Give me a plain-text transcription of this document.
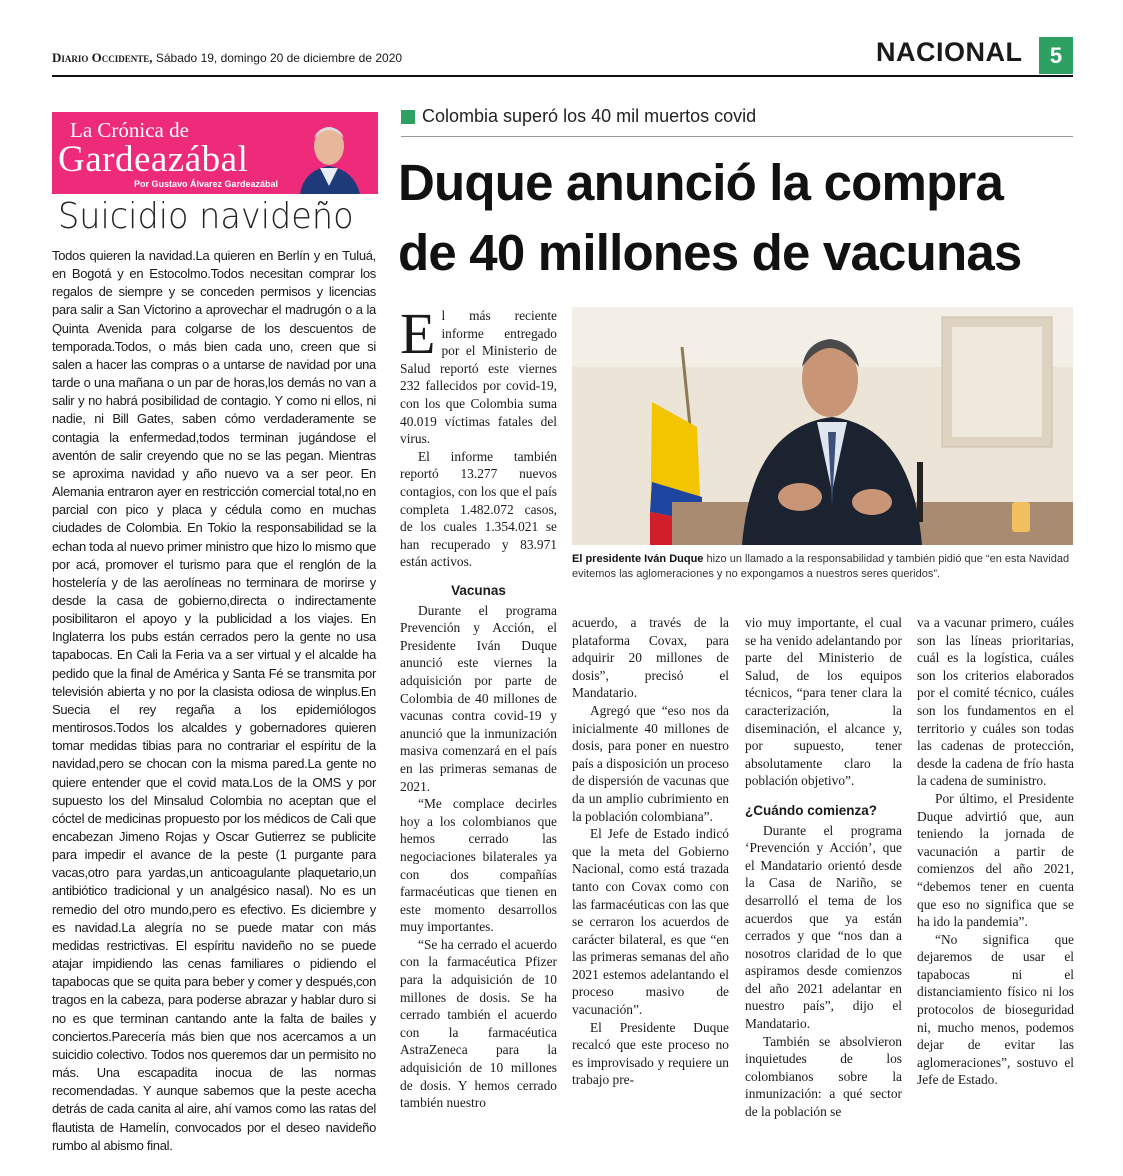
Diario Occidente, Sábado 19, domingo 20 de diciembre de 2020	NACIONAL	5
La Crónica de
Gardeazábal
Por Gustavo Álvarez Gardeazábal
Suicidio navideño
Todos quieren la navidad.La quieren en Berlín y en Tuluá, en Bogotá y en Estocolmo.Todos necesitan comprar los regalos de siempre y se conceden permisos y licencias para salir a San Victorino a aprovechar el madrugón o a la Quinta Avenida para colgarse de los descuentos de temporada.Todos, o más bien cada uno, creen que si salen a hacer las compras o a untarse de navidad por una tarde o una mañana o un par de horas,los demás no van a salir y no habrá posibilidad de contagio. Y como ni ellos, ni nadie, ni Bill Gates, saben cómo verdaderamente se contagia la enfermedad,todos terminan jugándose el aventón de salir creyendo que no se las pegan. Mientras se aproxima navidad y año nuevo va a ser peor. En Alemania entraron ayer en restricción comercial total,no en parcial con pico y placa y cédula como en muchas ciudades de Colombia. En Tokio la responsabilidad se la echan toda al nuevo primer ministro que hizo lo mismo que por acá, promover el turismo para que el renglón de la hostelería y de las aerolíneas no terminara de morirse y desde la casa de gobierno,directa o indirectamente posibilitaron el apoyo y la publicidad a los viajes. En Inglaterra los pubs están cerrados pero la gente no usa tapabocas. En Cali la Feria va a ser virtual y el alcalde ha pedido que la final de América y Santa Fé se transmita por televisión abierta y no por la clasista odiosa de winplus.En Suecia el rey regaña a los epidemiólogos mentirosos.Todos los alcaldes y gobernadores quieren tomar medidas tibias para no contrariar el espíritu de la navidad,pero se chocan con la misma pared.La gente no quiere entender que el covid mata.Los de la OMS y por supuesto los del Minsalud Colombia no aceptan que el cóctel de medicinas propuesto por los médicos de Cali que encabezan Jimeno Rojas y Oscar Gutierrez se publicite para impedir el avance de la peste (1 purgante para vacas,otro para yardas,un anticoagulante plaquetario,un antibiótico tradicional y un analgésico nasal). No es un remedio del otro mundo,pero es efectivo. Es diciembre y es navidad.La alegría no se puede matar con más medidas restrictivas. El espíritu navideño no se puede atajar impidiendo las cenas familiares o pidiendo el tapabocas que se quita para beber y comer y después,con tragos en la cabeza, para poderse abrazar y hablar duro si no es que terminan cantando ante la falta de bailes y conciertos.Parecería más bien que nos acercamos a un suicidio colectivo. Todos nos queremos dar un permisito no más. Una escapadita inocua de las normas recomendadas. Y aunque sabemos que la peste acecha detrás de cada canita al aire, ahí vamos como las ratas del flautista de Hamelín, convocados por el deseo navideño rumbo al abismo final.
Colombia superó los 40 mil muertos covid
Duque anunció la compra
de 40 millones de vacunas
E l más reciente informe entregado por el Ministerio de Salud reportó este viernes 232 fallecidos por covid-19, con los que Colombia suma 40.019 víctimas fatales del virus.

El informe también reportó 13.277 nuevos contagios, con los que el país completa 1.482.072 casos, de los cuales 1.354.021 se han recuperado y 83.971 están activos.

Vacunas

Durante el programa Prevención y Acción, el Presidente Iván Duque anunció este viernes la adquisición por parte de Colombia de 40 millones de vacunas contra covid-19 y anunció que la inmunización masiva comenzará en el país en las primeras semanas de 2021.

“Me complace decirles hoy a los colombianos que hemos cerrado las negociaciones bilaterales ya con dos compañías farmacéuticas que tienen en este momento desarrollos muy importantes.

“Se ha cerrado el acuerdo con la farmacéutica Pfizer para la adquisición de 10 millones de dosis. Se ha cerrado también el acuerdo con la farmacéutica AstraZeneca para la adquisición de 10 millones de dosis. Y hemos cerrado también nuestro

acuerdo, a través de la plataforma Covax, para adquirir 20 millones de dosis”, precisó el Mandatario.

Agregó que “eso nos da inicialmente 40 millones de dosis, para poner en nuestro país a disposición un proceso de dispersión de vacunas que da un amplio cubrimiento en la población colombiana”.

El Jefe de Estado indicó que la meta del Gobierno Nacional, como está trazada tanto con Covax como con las farmacéuticas con las que se cerraron los acuerdos de carácter bilateral, es que “en las primeras semanas del año 2021 estemos adelantando el proceso masivo de vacunación”.

El Presidente Duque recalcó que este proceso no es improvisado y requiere un trabajo pre-

vio muy importante, el cual se ha venido adelantando por parte del Ministerio de Salud, de los equipos técnicos, “para tener clara la caracterización, la diseminación, el alcance y, por supuesto, tener absolutamente claro la población objetivo”.

¿Cuándo comienza?

Durante el programa ‘Prevención y Acción’, que el Mandatario orientó desde la Casa de Nariño, se desarrolló el tema de los acuerdos que ya están cerrados y que “nos dan a nosotros claridad de lo que aspiramos desde comienzos del año 2021 adelantar en nuestro país”, dijo el Mandatario.

También se absolvieron inquietudes de los colombianos sobre la inmunización: a qué sector de la población se

va a vacunar primero, cuáles son las líneas prioritarias, cuál es la logística, cuáles son los criterios elaborados por el comité técnico, cuáles son los fundamentos en el territorio y cuáles son todas las cadenas de protección, desde la cadena de frío hasta la cadena de suministro.

Por último, el Presidente Duque advirtió que, aun teniendo la jornada de vacunación a partir de comienzos del año 2021, “debemos tener en cuenta que eso no significa que se ha ido la pandemia”.

“No significa que dejaremos de usar el tapabocas ni el distanciamiento físico ni los protocolos de bioseguridad ni, mucho menos, podemos dejar de evitar las aglomeraciones”, sostuvo el Jefe de Estado.

El presidente Iván Duque hizo un llamado a la responsabilidad y también pidió que “en esta Navidad evitemos las aglomeraciones y no expongamos a nuestros seres queridos”.
